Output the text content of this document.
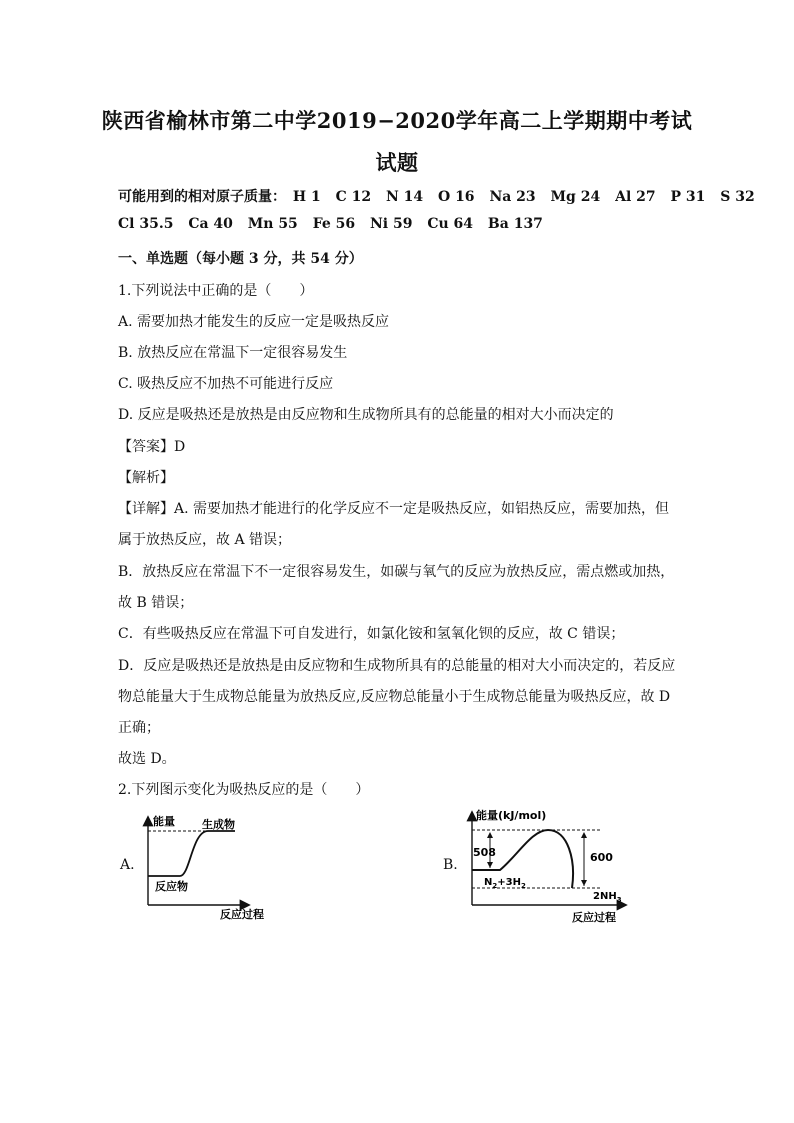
陕西省榆林市第二中学2019−2020学年高二上学期期中考试
试题
可能用到的相对原子质量： H 1 C 12 N 14 O 16 Na 23 Mg 24 Al 27 P 31 S 32
Cl 35.5 Ca 40 Mn 55 Fe 56 Ni 59 Cu 64 Ba 137
一、单选题（每小题 3 分，共 54 分）
1.下列说法中正确的是（　　）
A. 需要加热才能发生的反应一定是吸热反应
B. 放热反应在常温下一定很容易发生
C. 吸热反应不加热不可能进行反应
D. 反应是吸热还是放热是由反应物和生成物所具有的总能量的相对大小而决定的
【答案】D
【解析】
【详解】A. 需要加热才能进行的化学反应不一定是吸热反应，如铝热反应，需要加热，但
属于放热反应，故 A 错误；
B．放热反应在常温下不一定很容易发生，如碳与氧气的反应为放热反应，需点燃或加热，
故 B 错误；
C．有些吸热反应在常温下可自发进行，如氯化铵和氢氧化钡的反应，故 C 错误；
D．反应是吸热还是放热是由反应物和生成物所具有的总能量的相对大小而决定的，若反应
物总能量大于生成物总能量为放热反应,反应物总能量小于生成物总能量为吸热反应，故 D
正确；
故选 D。
2.下列图示变化为吸热反应的是（　　）
A.
能量 生成物
反应物
反应过程
B.
能量(kJ/mol)
508	600
$N_2+3H_2$
$2NH_3$
反应过程
